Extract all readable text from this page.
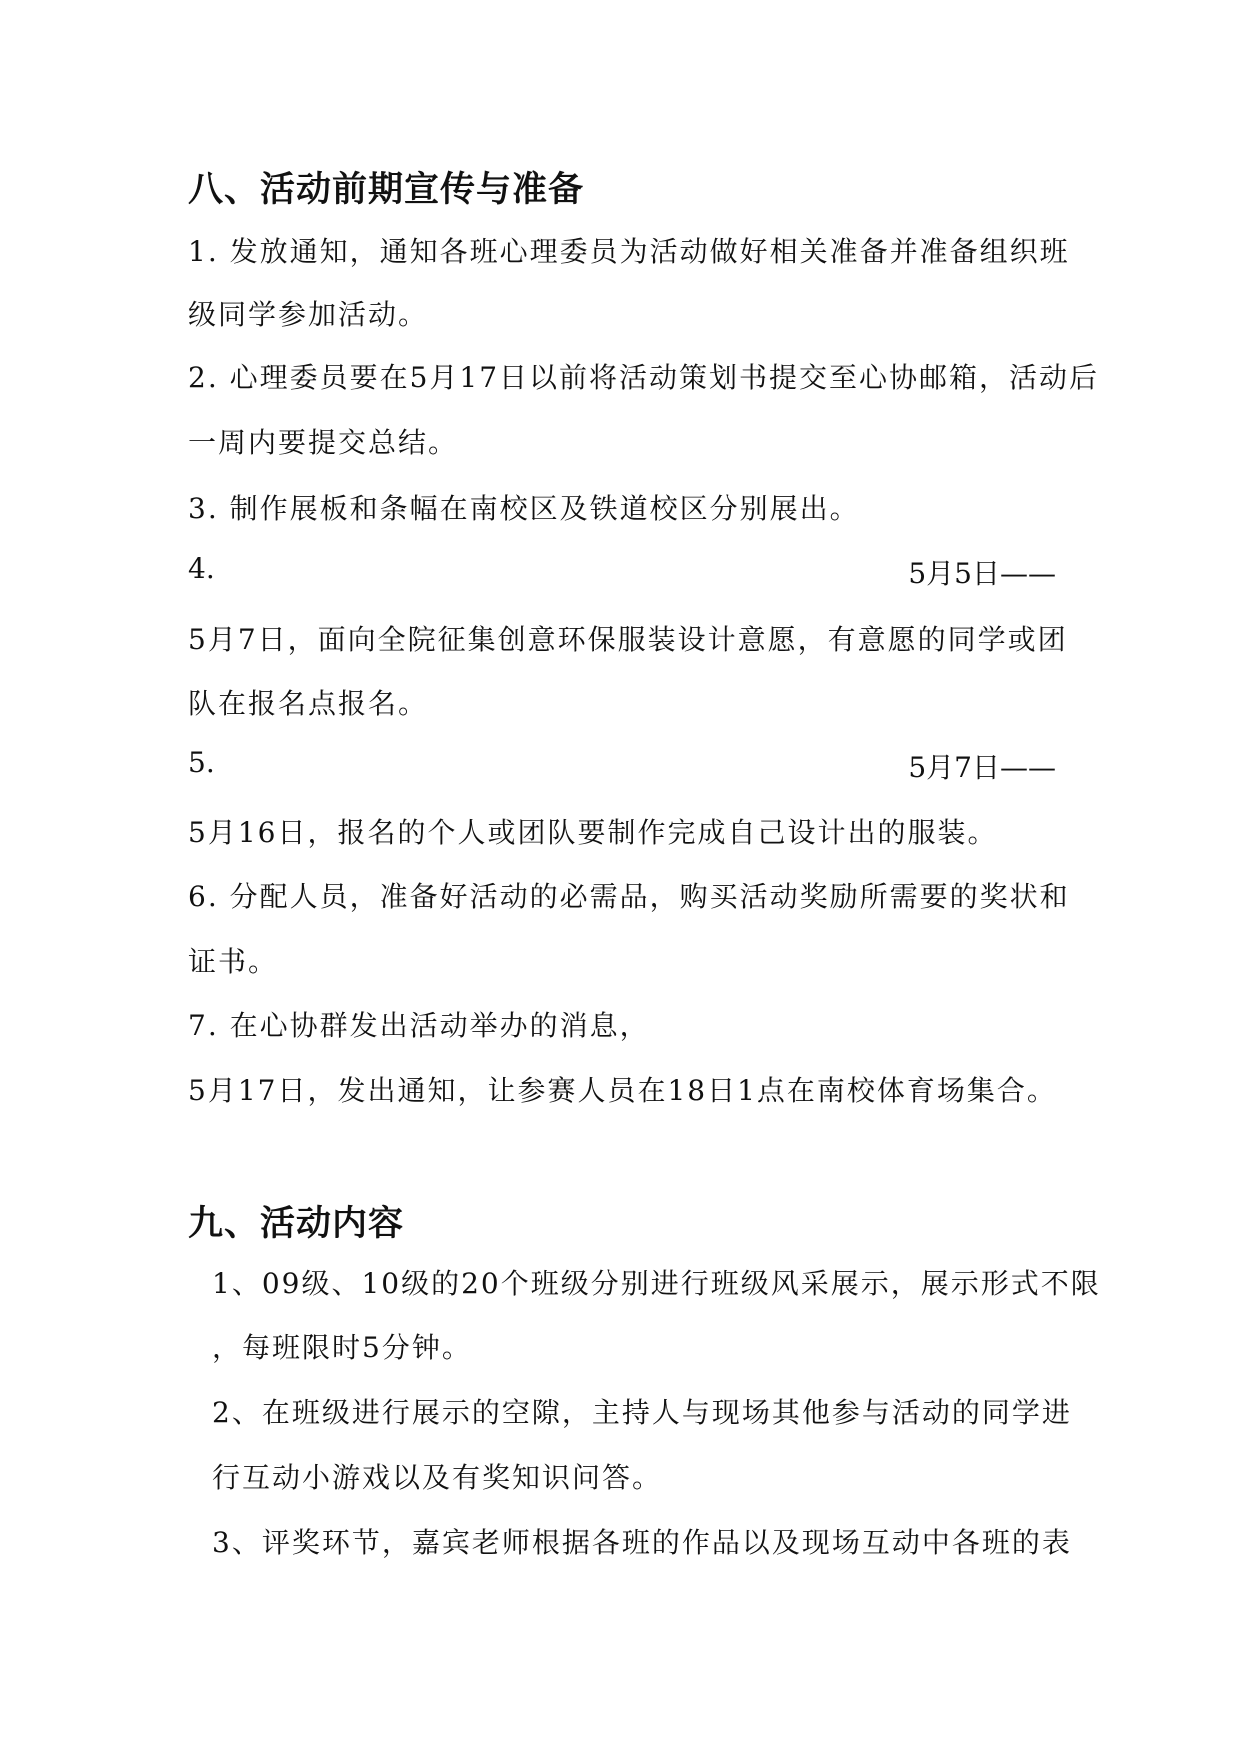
八、活动前期宣传与准备
1. 发放通知，通知各班心理委员为活动做好相关准备并准备组织班
级同学参加活动。
2. 心理委员要在5月17日以前将活动策划书提交至心协邮箱，活动后
一周内要提交总结。
3. 制作展板和条幅在南校区及铁道校区分别展出。
4.	5月5日——
5月7日，面向全院征集创意环保服装设计意愿，有意愿的同学或团
队在报名点报名。
5.	5月7日——
5月16日，报名的个人或团队要制作完成自己设计出的服装。
6. 分配人员，准备好活动的必需品，购买活动奖励所需要的奖状和
证书。
7. 在心协群发出活动举办的消息，
5月17日，发出通知，让参赛人员在18日1点在南校体育场集合。
九、活动内容
1、09级、10级的20个班级分别进行班级风采展示，展示形式不限
，每班限时5分钟。
2、在班级进行展示的空隙，主持人与现场其他参与活动的同学进
行互动小游戏以及有奖知识问答。
3、评奖环节，嘉宾老师根据各班的作品以及现场互动中各班的表
